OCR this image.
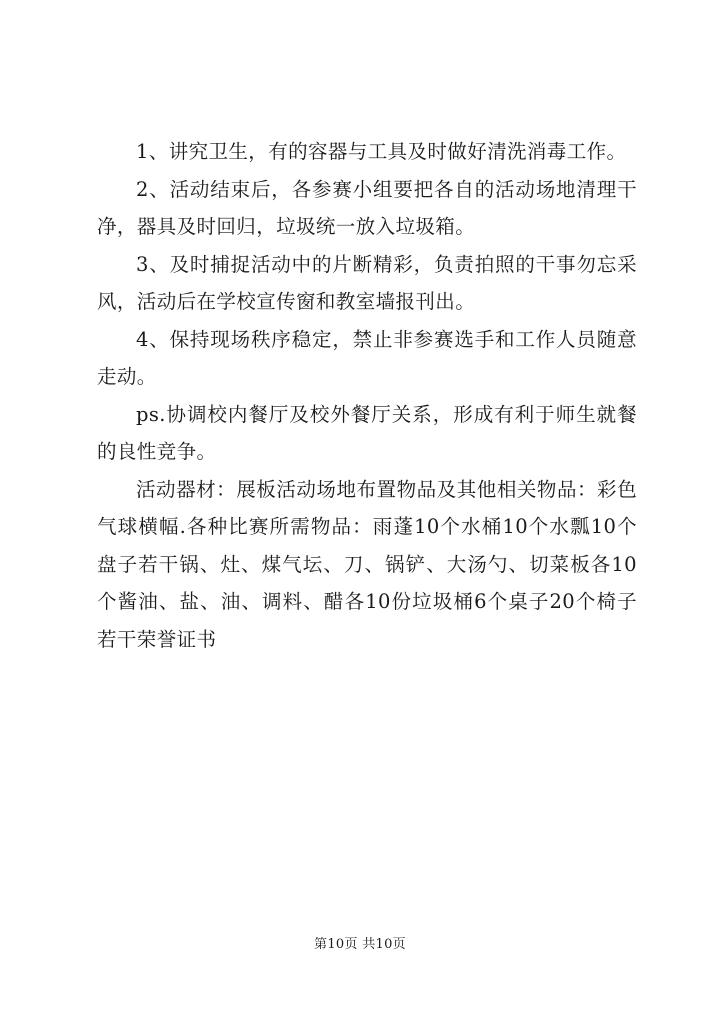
1、讲究卫生，有的容器与工具及时做好清洗消毒工作。

2、活动结束后，各参赛小组要把各自的活动场地清理干净，器具及时回归，垃圾统一放入垃圾箱。

3、及时捕捉活动中的片断精彩，负责拍照的干事勿忘采风，活动后在学校宣传窗和教室墙报刊出。

4、保持现场秩序稳定，禁止非参赛选手和工作人员随意走动。

ps.协调校内餐厅及校外餐厅关系，形成有利于师生就餐的良性竞争。

活动器材：展板活动场地布置物品及其他相关物品：彩色气球横幅.各种比赛所需物品：雨蓬10个水桶10个水瓢10个盘子若干锅、灶、煤气坛、刀、锅铲、大汤勺、切菜板各10个酱油、盐、油、调料、醋各10份垃圾桶6个桌子20个椅子若干荣誉证书

第10页 共10页
